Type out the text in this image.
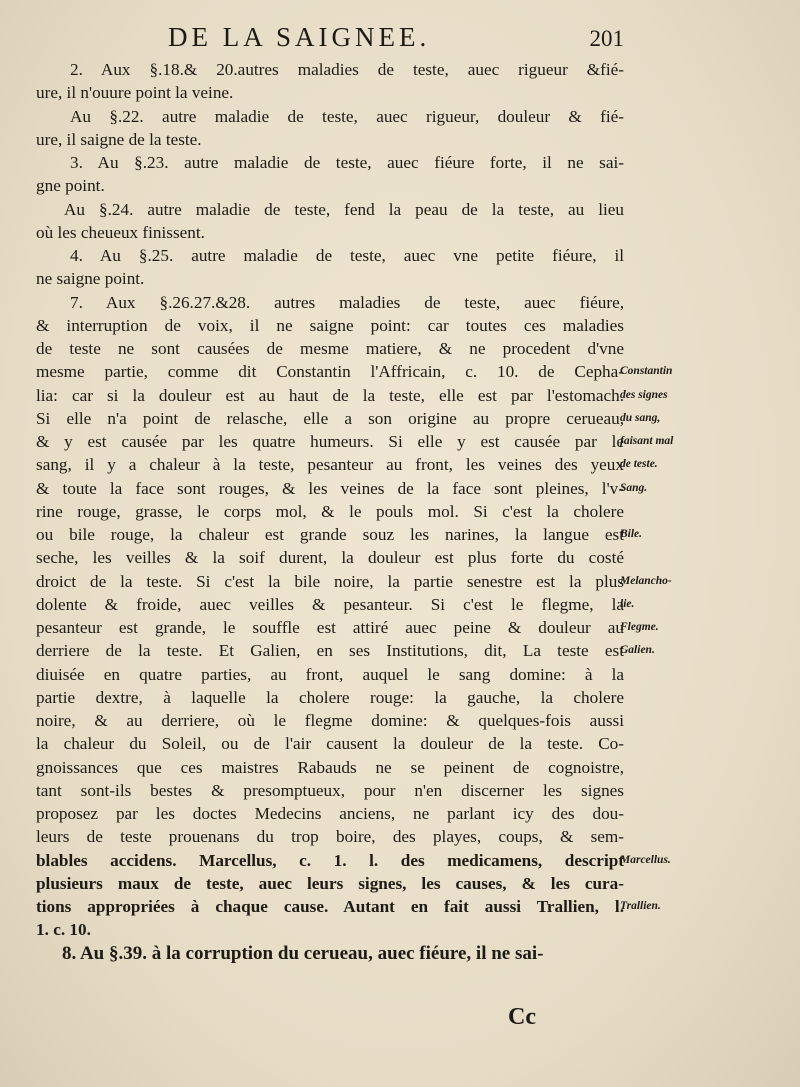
DE LA SAIGNEE.	201
2. Aux §.18.& 20.autres maladies de teste, auec rigueur &fié-
ure, il n'ouure point la veine.
Au §.22. autre maladie de teste, auec rigueur, douleur & fié-
ure, il saigne de la teste.
3. Au §.23. autre maladie de teste, auec fiéure forte, il ne sai-
gne point.
Au §.24. autre maladie de teste, fend la peau de la teste, au lieu
où les cheueux finissent.
4. Au §.25. autre maladie de teste, auec vne petite fiéure, il
ne saigne point.
7. Aux §.26.27.&28. autres maladies de teste, auec fiéure,
& interruption de voix, il ne saigne point: car toutes ces maladies
de teste ne sont causées de mesme matiere, & ne procedent d'vne
mesme partie, comme dit Constantin l'Affricain, c. 10. de Cepha-
lia: car si la douleur est au haut de la teste, elle est par l'estomach.
Si elle n'a point de relasche, elle a son origine au propre cerueau,
& y est causée par les quatre humeurs. Si elle y est causée par le
sang, il y a chaleur à la teste, pesanteur au front, les veines des yeux
& toute la face sont rouges, & les veines de la face sont pleines, l'v-
rine rouge, grasse, le corps mol, & le pouls mol. Si c'est la cholere
ou bile rouge, la chaleur est grande souz les narines, la langue est
seche, les veilles & la soif durent, la douleur est plus forte du costé
droict de la teste. Si c'est la bile noire, la partie senestre est la plus
dolente & froide, auec veilles & pesanteur. Si c'est le flegme, la
pesanteur est grande, le souffle est attiré auec peine & douleur au
derriere de la teste. Et Galien, en ses Institutions, dit, La teste est
diuisée en quatre parties, au front, auquel le sang domine: à la
partie dextre, à laquelle la cholere rouge: la gauche, la cholere
noire, & au derriere, où le flegme domine: & quelques-fois aussi
la chaleur du Soleil, ou de l'air causent la douleur de la teste. Co-
gnoissances que ces maistres Rabauds ne se peinent de cognoistre,
tant sont-ils bestes & presomptueux, pour n'en discerner les signes
proposez par les doctes Medecins anciens, ne parlant icy des dou-
leurs de teste prouenans du trop boire, des playes, coups, & sem-
blables accidens. Marcellus, c. 1. l. des medicamens, descript
plusieurs maux de teste, auec leurs signes, les causes, & les cura-
tions appropriées à chaque cause. Autant en fait aussi Trallien, l.
1. c. 10.
8. Au §.39. à la corruption du cerueau, auec fiéure, il ne sai-
Constantin
des signes
du sang,
faisant mal
de teste.
Sang.
Bile.
Melancho-
lie.
Flegme.
Galien.
Marcellus.
Trallien.
Cc
